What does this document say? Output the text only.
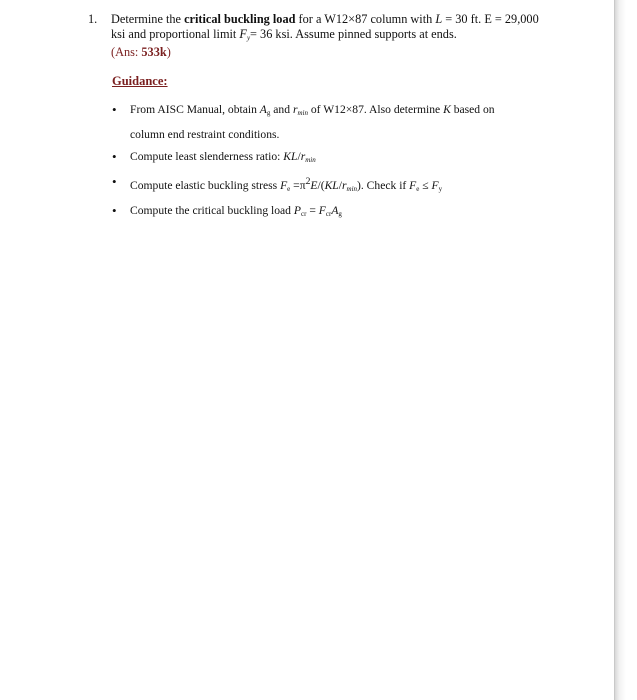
1. Determine the critical buckling load for a W12×87 column with L = 30 ft. E = 29,000
ksi and proportional limit $F_y= 36$ ksi. Assume pinned supports at ends.
(Ans: 533k)
Guidance:
• From AISC Manual, obtain $A_g$ and $r_{min}$ of W12×87. Also determine K based on
column end restraint conditions.
• Compute least slenderness ratio: $KL/r_{min}$
• Compute elastic buckling stress $F_e =\pi^2E/(KL/r_{min})$. Check if $F_e \le F_y$
• Compute the critical buckling load $P_{cr} = F_{cr}A_g$
